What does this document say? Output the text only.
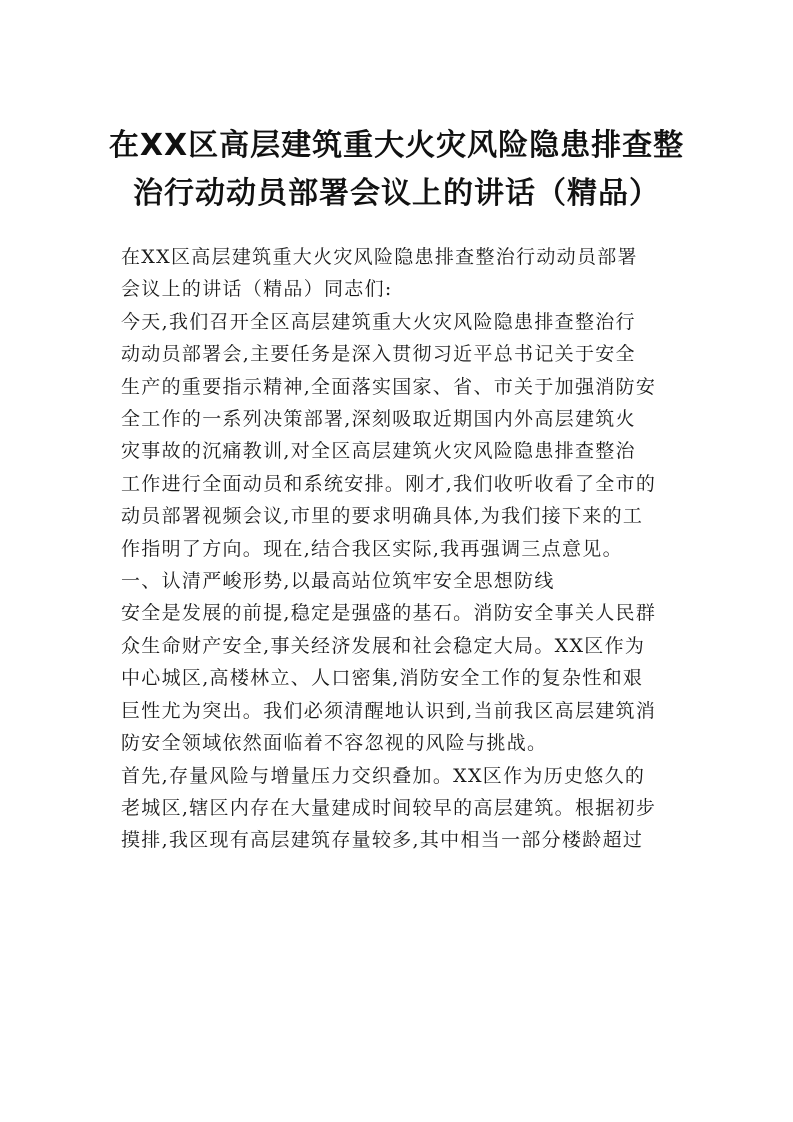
在XX区高层建筑重大火灾风险隐患排查整
治行动动员部署会议上的讲话（精品）
在XX区高层建筑重大火灾风险隐患排查整治行动动员部署
会议上的讲话（精品）同志们:
今天,我们召开全区高层建筑重大火灾风险隐患排查整治行
动动员部署会,主要任务是深入贯彻习近平总书记关于安全
生产的重要指示精神,全面落实国家、省、市关于加强消防安
全工作的一系列决策部署,深刻吸取近期国内外高层建筑火
灾事故的沉痛教训,对全区高层建筑火灾风险隐患排查整治
工作进行全面动员和系统安排。刚才,我们收听收看了全市的
动员部署视频会议,市里的要求明确具体,为我们接下来的工
作指明了方向。现在,结合我区实际,我再强调三点意见。
一、认清严峻形势,以最高站位筑牢安全思想防线
安全是发展的前提,稳定是强盛的基石。消防安全事关人民群
众生命财产安全,事关经济发展和社会稳定大局。XX区作为
中心城区,高楼林立、人口密集,消防安全工作的复杂性和艰
巨性尤为突出。我们必须清醒地认识到,当前我区高层建筑消
防安全领域依然面临着不容忽视的风险与挑战。
首先,存量风险与增量压力交织叠加。XX区作为历史悠久的
老城区,辖区内存在大量建成时间较早的高层建筑。根据初步
摸排,我区现有高层建筑存量较多,其中相当一部分楼龄超过
